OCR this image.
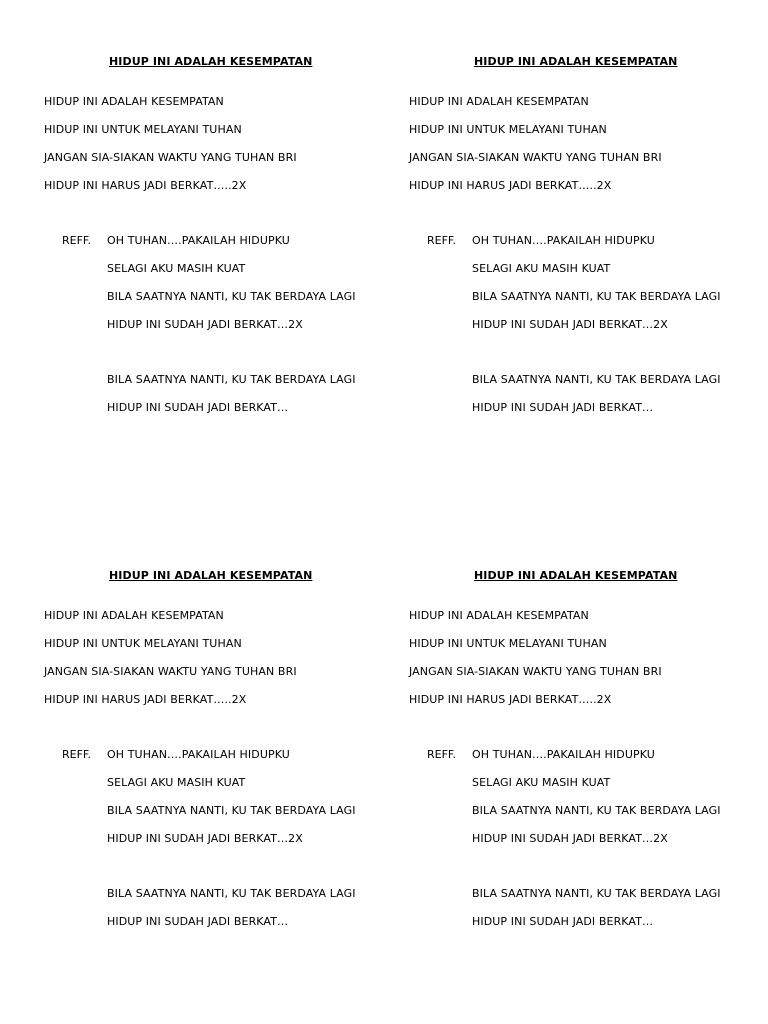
HIDUP INI ADALAH KESEMPATAN
HIDUP INI ADALAH KESEMPATAN
HIDUP INI UNTUK MELAYANI TUHAN
JANGAN SIA-SIAKAN WAKTU YANG TUHAN BRI
HIDUP INI HARUS JADI BERKAT…..2X
REFF. OH TUHAN….PAKAILAH HIDUPKU
SELAGI AKU MASIH KUAT
BILA SAATNYA NANTI, KU TAK BERDAYA LAGI
HIDUP INI SUDAH JADI BERKAT…2X
BILA SAATNYA NANTI, KU TAK BERDAYA LAGI
HIDUP INI SUDAH JADI BERKAT…
HIDUP INI ADALAH KESEMPATAN
HIDUP INI ADALAH KESEMPATAN
HIDUP INI UNTUK MELAYANI TUHAN
JANGAN SIA-SIAKAN WAKTU YANG TUHAN BRI
HIDUP INI HARUS JADI BERKAT…..2X
REFF. OH TUHAN….PAKAILAH HIDUPKU
SELAGI AKU MASIH KUAT
BILA SAATNYA NANTI, KU TAK BERDAYA LAGI
HIDUP INI SUDAH JADI BERKAT…2X
BILA SAATNYA NANTI, KU TAK BERDAYA LAGI
HIDUP INI SUDAH JADI BERKAT…
HIDUP INI ADALAH KESEMPATAN
HIDUP INI ADALAH KESEMPATAN
HIDUP INI UNTUK MELAYANI TUHAN
JANGAN SIA-SIAKAN WAKTU YANG TUHAN BRI
HIDUP INI HARUS JADI BERKAT…..2X
REFF. OH TUHAN….PAKAILAH HIDUPKU
SELAGI AKU MASIH KUAT
BILA SAATNYA NANTI, KU TAK BERDAYA LAGI
HIDUP INI SUDAH JADI BERKAT…2X
BILA SAATNYA NANTI, KU TAK BERDAYA LAGI
HIDUP INI SUDAH JADI BERKAT…
HIDUP INI ADALAH KESEMPATAN
HIDUP INI ADALAH KESEMPATAN
HIDUP INI UNTUK MELAYANI TUHAN
JANGAN SIA-SIAKAN WAKTU YANG TUHAN BRI
HIDUP INI HARUS JADI BERKAT…..2X
REFF. OH TUHAN….PAKAILAH HIDUPKU
SELAGI AKU MASIH KUAT
BILA SAATNYA NANTI, KU TAK BERDAYA LAGI
HIDUP INI SUDAH JADI BERKAT…2X
BILA SAATNYA NANTI, KU TAK BERDAYA LAGI
HIDUP INI SUDAH JADI BERKAT…
